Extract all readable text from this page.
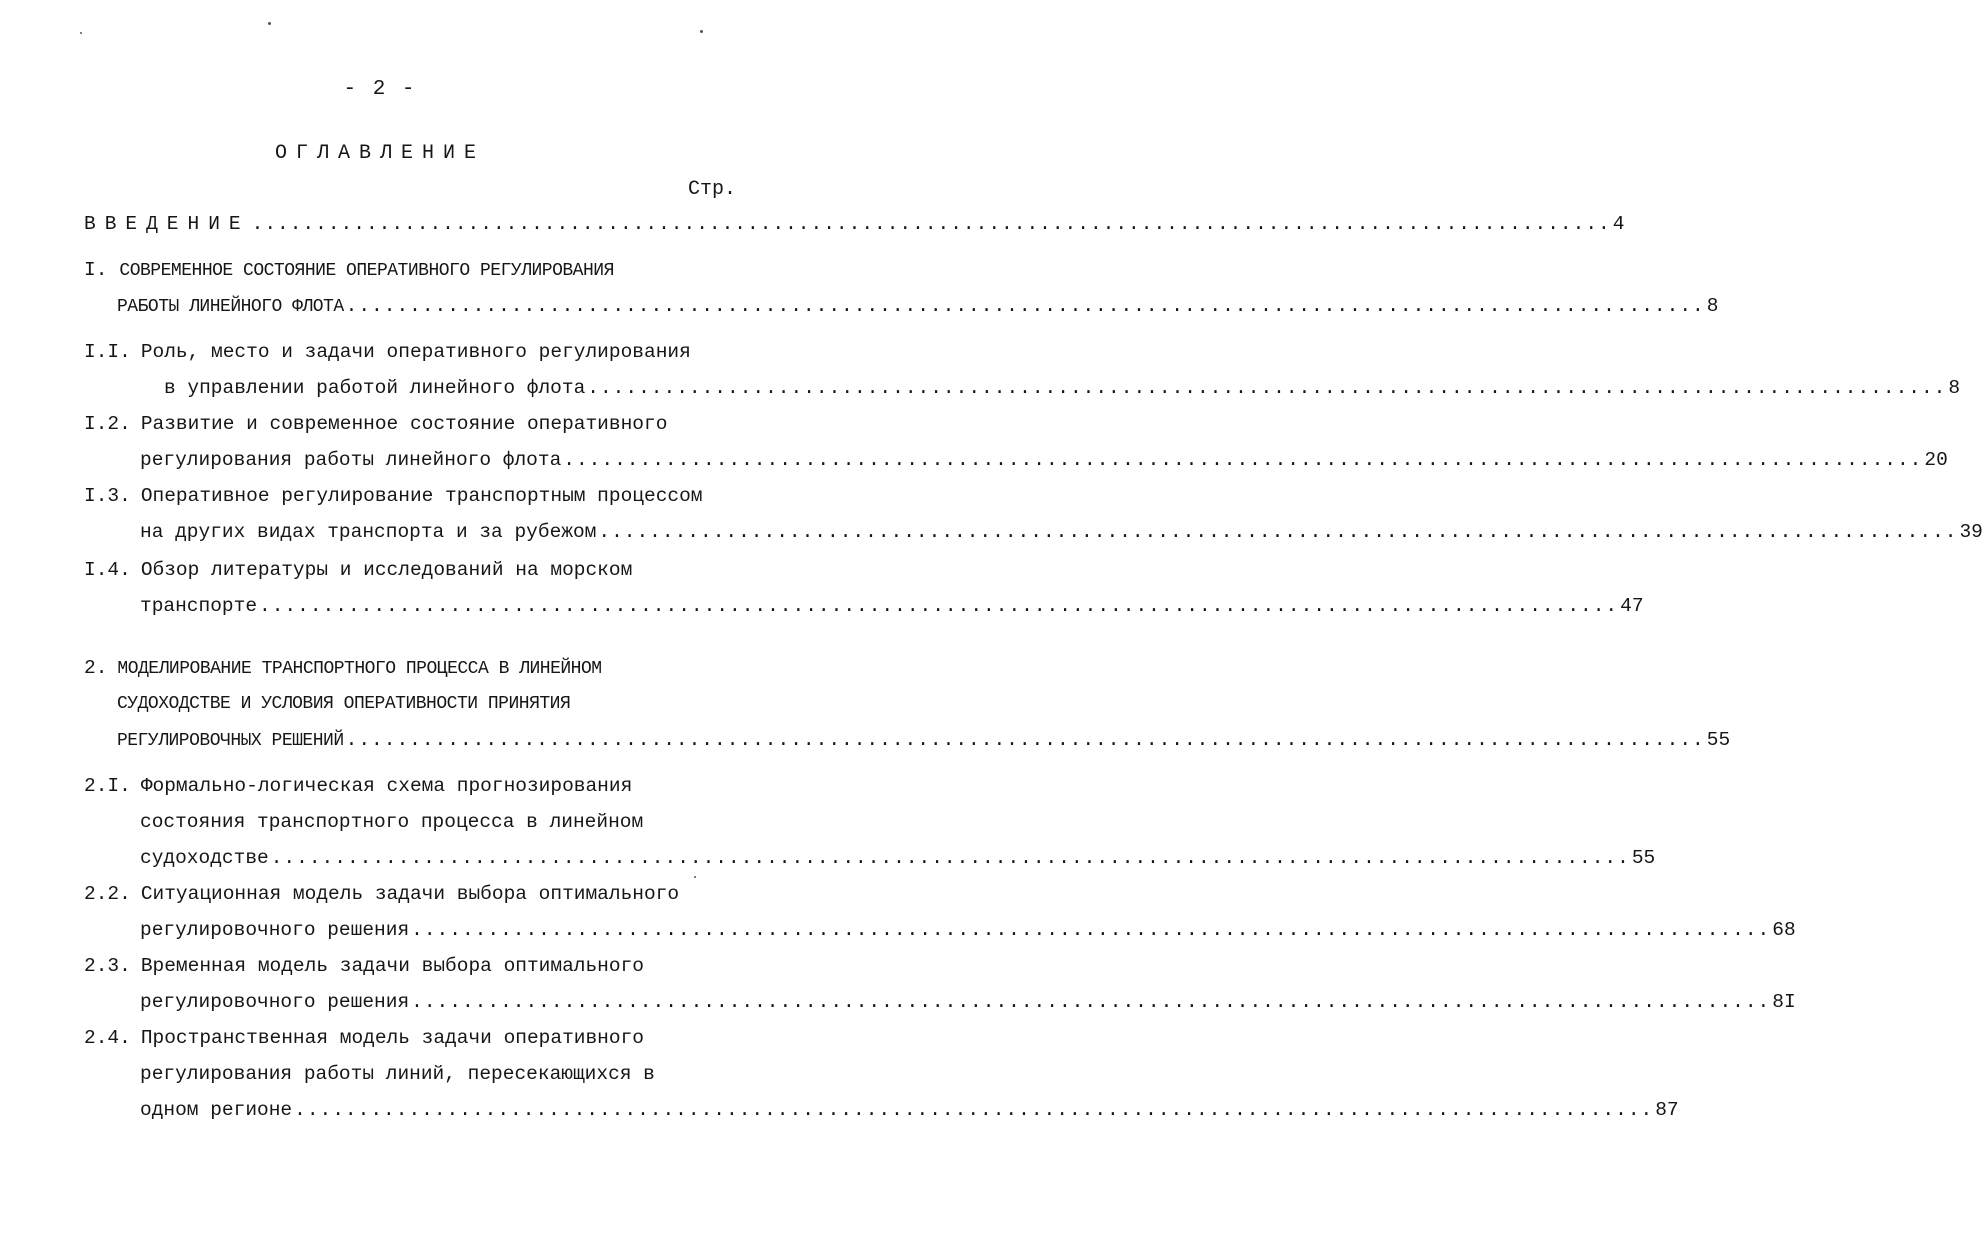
- 2 -
ОГЛАВЛЕНИЕ
Стр.
ВВЕДЕНИЕ ........................................................................................................... 4
I. СОВРЕМЕННОЕ СОСТОЯНИЕ ОПЕРАТИВНОГО РЕГУЛИРОВАНИЯ
РАБОТЫ ЛИНЕЙНОГО ФЛОТА ........................................................................................................... 8
I.I. Роль, место и задачи оперативного регулирования
в управлении работой линейного флота ........................................................................................................... 8
I.2. Развитие и современное состояние оперативного
регулирования работы линейного флота ........................................................................................................... 20
I.3. Оперативное регулирование транспортным процессом
на других видах транспорта и за рубежом ........................................................................................................... 39
I.4. Обзор литературы и исследований на морском
транспорте ........................................................................................................... 47
2. МОДЕЛИРОВАНИЕ ТРАНСПОРТНОГО ПРОЦЕССА В ЛИНЕЙНОМ
СУДОХОДСТВЕ И УСЛОВИЯ ОПЕРАТИВНОСТИ ПРИНЯТИЯ
РЕГУЛИРОВОЧНЫХ РЕШЕНИЙ ........................................................................................................... 55
2.I. Формально-логическая схема прогнозирования
состояния транспортного процесса в линейном
судоходстве ........................................................................................................... 55
2.2. Ситуационная модель задачи выбора оптимального
регулировочного решения ........................................................................................................... 68
2.3. Временная модель задачи выбора оптимального
регулировочного решения ........................................................................................................... 8I
2.4. Пространственная модель задачи оперативного
регулирования работы линий, пересекающихся в
одном регионе ........................................................................................................... 87
